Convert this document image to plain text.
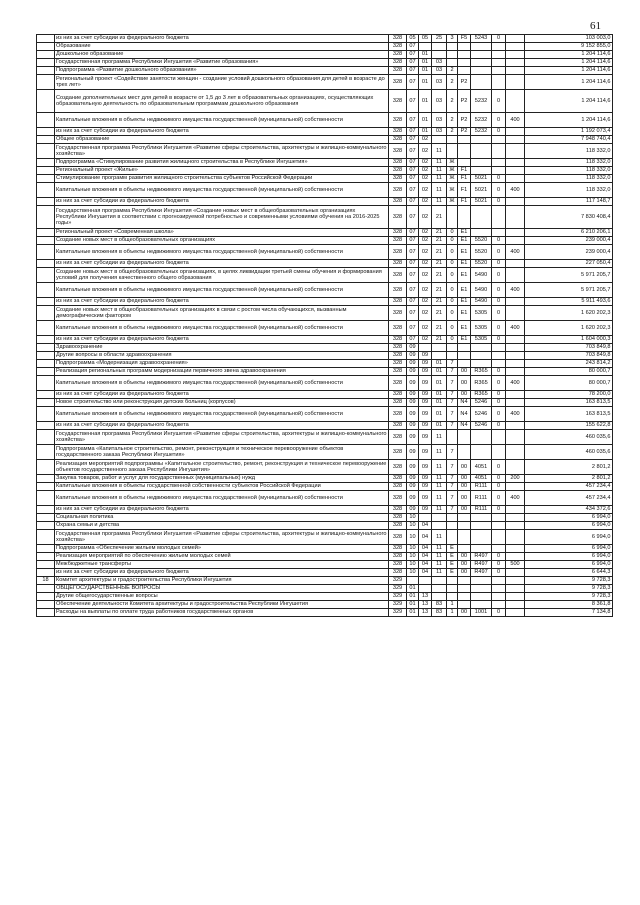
61
	из них за счет субсидии из федерального бюджета	328	05	05	25	3	F5	5243	0		103 003,0
	Образование	328	07								9 152 855,0
	Дошкольное образование	328	07	01							1 204 114,6
	Государственная программа Республики Ингушетия «Развитие образования»	328	07	01	03						1 204 114,6
	Подпрограмма «Развитие дошкольного образования»	328	07	01	03	2					1 204 114,6
	Региональный проект «Содействие занятости женщин - создание условий дошкольного образования для детей в возрасте до трех лет»	328	07	01	03	2	P2				1 204 114,6
	Создание дополнительных мест для детей в возрасте от 1,5 до 3 лет в образовательных организациях, осуществляющих образовательную деятельность по образовательным программам дошкольного образования	328	07	01	03	2	P2	5232	0		1 204 114,6
	Капитальные вложения в объекты недвижимого имущества государственной (муниципальной) собственности	328	07	01	03	2	P2	5232	0	400	1 204 114,6
	из них за счет субсидии из федерального бюджета	328	07	01	03	2	P2	5232	0		1 192 073,4
	Общее образование	328	07	02							7 948 740,4
	Государственная программа Республики Ингушетия «Развитие сферы строительства, архитектуры и жилищно-коммунального хозяйства»	328	07	02	11						118 332,0
	Подпрограмма «Стимулирование развития жилищного строительства в Республике Ингушетия»	328	07	02	11	Ж					118 332,0
	Региональный проект «Жилье»	328	07	02	11	Ж	F1				118 332,0
	Стимулирование программ развития жилищного строительства субъектов Российской Федерации	328	07	02	11	Ж	F1	5021	0		118 332,0
	Капитальные вложения в объекты недвижимого имущества государственной (муниципальной) собственности	328	07	02	11	Ж	F1	5021	0	400	118 332,0
	из них за счет субсидии из федерального бюджета	328	07	02	11	Ж	F1	5021	0		117 148,7
	Государственная программа Республики Ингушетия «Создание новых мест в общеобразовательных организациях Республики Ингушетия в соответствии с прогнозируемой потребностью и современными условиями обучения на 2016-2025 годы»	328	07	02	21						7 830 408,4
	Региональный проект «Современная школа»	328	07	02	21	0	E1				6 210 206,1
	Создание новых мест в общеобразовательных организациях	328	07	02	21	0	E1	5520	0		239 000,4
	Капитальные вложения в объекты недвижимого имущества государственной (муниципальной) собственности	328	07	02	21	0	E1	5520	0	400	239 000,4
	из них за счет субсидии из федерального бюджета	328	07	02	21	0	E1	5520	0		227 050,4
	Создание новых мест в общеобразовательных организациях, в целях ликвидации третьей смены обучения и формирования условий для получения качественного общего образования	328	07	02	21	0	E1	5490	0		5 971 205,7
	Капитальные вложения в объекты недвижимого имущества государственной (муниципальной) собственности	328	07	02	21	0	E1	5490	0	400	5 971 205,7
	из них за счет субсидии из федерального бюджета	328	07	02	21	0	E1	5490	0		5 911 493,6
	Создание новых мест в общеобразовательных организациях в связи с ростом числа обучающихся, вызванным демографическим фактором	328	07	02	21	0	E1	5305	0		1 620 202,3
	Капитальные вложения в объекты недвижимого имущества государственной (муниципальной) собственности	328	07	02	21	0	E1	5305	0	400	1 620 202,3
	из них за счет субсидии из федерального бюджета	328	07	02	21	0	E1	5305	0		1 604 000,3
	Здравоохранение	328	09								703 849,8
	Другие вопросы в области здравоохранения	328	09	09							703 849,8
	Подпрограмма «Модернизация здравоохранения»	328	09	09	01	7					243 814,2
	Реализация региональных программ модернизации первичного звена здравоохранения	328	09	09	01	7	00	R365	0		80 000,7
	Капитальные вложения в объекты недвижимого имущества государственной (муниципальной) собственности	328	09	09	01	7	00	R365	0	400	80 000,7
	из них за счет субсидии из федерального бюджета	328	09	09	01	7	00	R365	0		78 200,0
	Новое строительство или реконструкция детских больниц (корпусов)	328	09	09	01	7	N4	5246	0		163 813,5
	Капитальные вложения в объекты недвижимого имущества государственной (муниципальной) собственности	328	09	09	01	7	N4	5246	0	400	163 813,5
	из них за счет субсидии из федерального бюджета	328	09	09	01	7	N4	5246	0		155 622,8
	Государственная программа Республики Ингушетия «Развитие сферы строительства, архитектуры и жилищно-коммунального хозяйства»	328	09	09	11						460 035,6
	Подпрограмма «Капитальное строительство, ремонт, реконструкция и техническое перевооружение объектов государственного заказа Республики Ингушетия»	328	09	09	11	7					460 035,6
	Реализация мероприятий подпрограммы «Капитальное строительство, ремонт, реконструкция и техническое перевооружение объектов государственного заказа Республики Ингушетия»	328	09	09	11	7	00	4051	0		2 801,2
	Закупка товаров, работ и услуг для государственных (муниципальных) нужд	328	09	09	11	7	00	4051	0	200	2 801,2
	Капитальные вложения в объекты государственной собственности субъектов Российской Федерации	328	09	09	11	7	00	R111	0		457 234,4
	Капитальные вложения в объекты недвижимого имущества государственной (муниципальной) собственности	328	09	09	11	7	00	R111	0	400	457 234,4
	из них за счет субсидии из федерального бюджета	328	09	09	11	7	00	R111	0		434 372,6
	Социальная политика	328	10								6 994,0
	Охрана семьи и детства	328	10	04							6 994,0
	Государственная программа Республики Ингушетия «Развитие сферы строительства, архитектуры и жилищно-коммунального хозяйства»	328	10	04	11						6 994,0
	Подпрограмма «Обеспечение жильем молодых семей»	328	10	04	11	Е					6 994,0
	Реализация мероприятий по обеспечению жильем молодых семей	328	10	04	11	Е	00	R497	0		6 994,0
	Межбюджетные трансферты	328	10	04	11	Е	00	R497	0	500	6 994,0
	из них за счет субсидии из федерального бюджета	328	10	04	11	Е	00	R497	0		6 644,3
18	Комитет архитектуры и градостроительства Республики Ингушетия	329									9 728,3
	ОБЩЕГОСУДАРСТВЕННЫЕ ВОПРОСЫ	329	01								9 728,3
	Другие общегосударственные вопросы	329	01	13							9 728,3
	Обеспечение деятельности Комитета архитектуры и градостроительства Республики Ингушетия	329	01	13	83	1					8 361,8
	Расходы на выплаты по оплате труда работников государственных органов	329	01	13	83	1	00	1001	0		7 134,8
